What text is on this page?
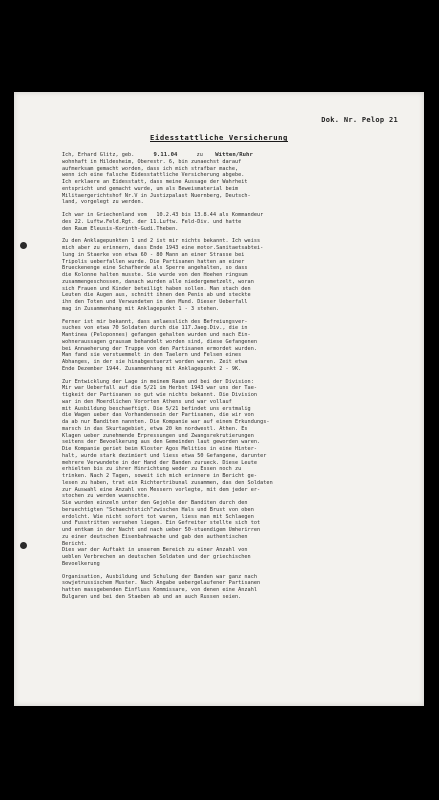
Dok. Nr. Pelop 21
Eidesstattliche Versicherung
Ich, Erhard Glitz, geb.	9.11.04	zu Witten/Ruhr
wohnhaft in Hildesheim, Oberestr. 6, bin zunaechst darauf
aufmerksam gemacht worden, dass ich mich strafbar mache,
wenn ich eine falsche Eidesstattliche Versicherung abgebe.
Ich erklaere an Eidesstatt, dass meine Aussage der Wahrheit
entspricht und gemacht wurde, um als Beweismaterial beim
Militaergerichtshof Nr.V in Justizpalast Nuernberg, Deutsch-
land, vorgelegt zu werden.
Ich war in Griechenland vom   10.2.43 bis 13.8.44 als Kommandeur
des 22. Luftw.Feld.Rgt. der 11.Luftw. Feld-Div. und hatte
den Raum Eleusis-Korinth-Gudi.Theben.
Zu den Anklagepunkten 1 und 2 ist mir nichts bekannt. Ich weiss
mich aber zu erinnern, dass Ende 1943 eine motor.Sanitaetsabtei-
lung in Staerke von etwa 60 - 80 Mann an einer Strasse bei
Tripolis ueberfallen wurde. Die Partisanen hatten an einer
Brueckenenge eine Schafherde als Sperre angehalten, so dass
die Kolonne halten musste. Sie wurde von den Hoehen ringsum
zusammengeschossen, danach wurden alle niedergemetzelt, woran
sich Frauen und Kinder beteiligt haben sollen. Man stach den
Leuten die Augen aus, schnitt ihnen den Penis ab und steckte
ihn den Toten und Verwundeten in den Mund. Dieser Ueberfall
mag in Zusammenhang mit Anklagepunkt 1 - 3 stehen.
Ferner ist mir bekannt, dass anlaesslich des Befreiungsver-
suches von etwa 70 Soldaten durch die 117.Jaeg.Div., die in
Mantinea (Peloponnes) gefangen gehalten wurden und nach Ein-
wohneraussagen grausam behandelt worden sind, diese Gefangenen
bei Annaeherung der Truppe von den Partisanen ermordet wurden.
Man fand sie verstuemmelt in den Taelern und Felsen eines
Abhanges, in der sie hinabgestuerzt worden waren. Zeit etwa
Ende Dezember 1944. Zusammenhang mit Anklagepunkt 2 - 9K.
Zur Entwicklung der Lage in meinem Raum und bei der Division:
Mir war Ueberfall auf die 5/21 im Herbst 1943 war uns der Tae-
tigkeit der Partisanen so gut wie nichts bekannt. Die Division
war in den Moerdlichen Vororten Athens und war vollauf
mit Ausbildung beschaeftigt. Die 5/21 befindet uns erstmalig
die Wagen ueber das Vorhandensein der Partisanen, die wir von
da ab nur Banditen nannten. Die Kompanie war auf einem Erkundungs-
marsch in das Skurtagebiet, etwa 20 km nordwestl. Athen. Es
Klagen ueber zunehmende Erpressungen und Zwangsrekrutierungen
seitens der Bevoelkerung aus den Gemeinden laut geworden waren.
Die Kompanie geriet beim Kloster Agos Melitios in eine Hinter-
halt, wurde stark dezimiert und liess etwa 50 Gefangene, darunter
mehrere Verwundete in der Hand der Banden zurueck. Diese Leute
erhielten bis zu ihrer Hinrichtung weder zu Essen noch zu
trinken. Nach 2 Tagen, soweit ich mich erinnere in Bericht ge-
lesen zu haben, trat ein Richtertribunal zusammen, das den Soldaten
zur Auswahl eine Anzahl von Messern vorlegte, mit dem jeder er-
stochen zu werden wuenschte.
Sie wurden einzeln unter den Gejohle der Banditen durch den
beruechtigten "Schaechtstich"zwischen Hals und Brust von oben
erdolcht. Wie nicht sofort tot waren, liess man mit Schlaegen
und Fusstritten versehen liegen. Ein Gefreiter stellte sich tot
und entkam in der Nacht und nach ueber 50-stuendigem Umherirren
zu einer deutschen Eisenbahnwache und gab den authentischen
Bericht.
Dies war der Auftakt in unserem Bereich zu einer Anzahl von
ueblen Verbrechen an deutschen Soldaten und der griechischen
Bevoelkerung
Organisation, Ausbildung und Schulung der Banden war ganz nach
sowjetrussischem Muster. Nach Angabe uebergelaufener Partisanen
hatten massgebenden Einfluss Kommissare, von denen eine Anzahl
Bulgaren und bei den Staeben ab und an auch Russen seien.
